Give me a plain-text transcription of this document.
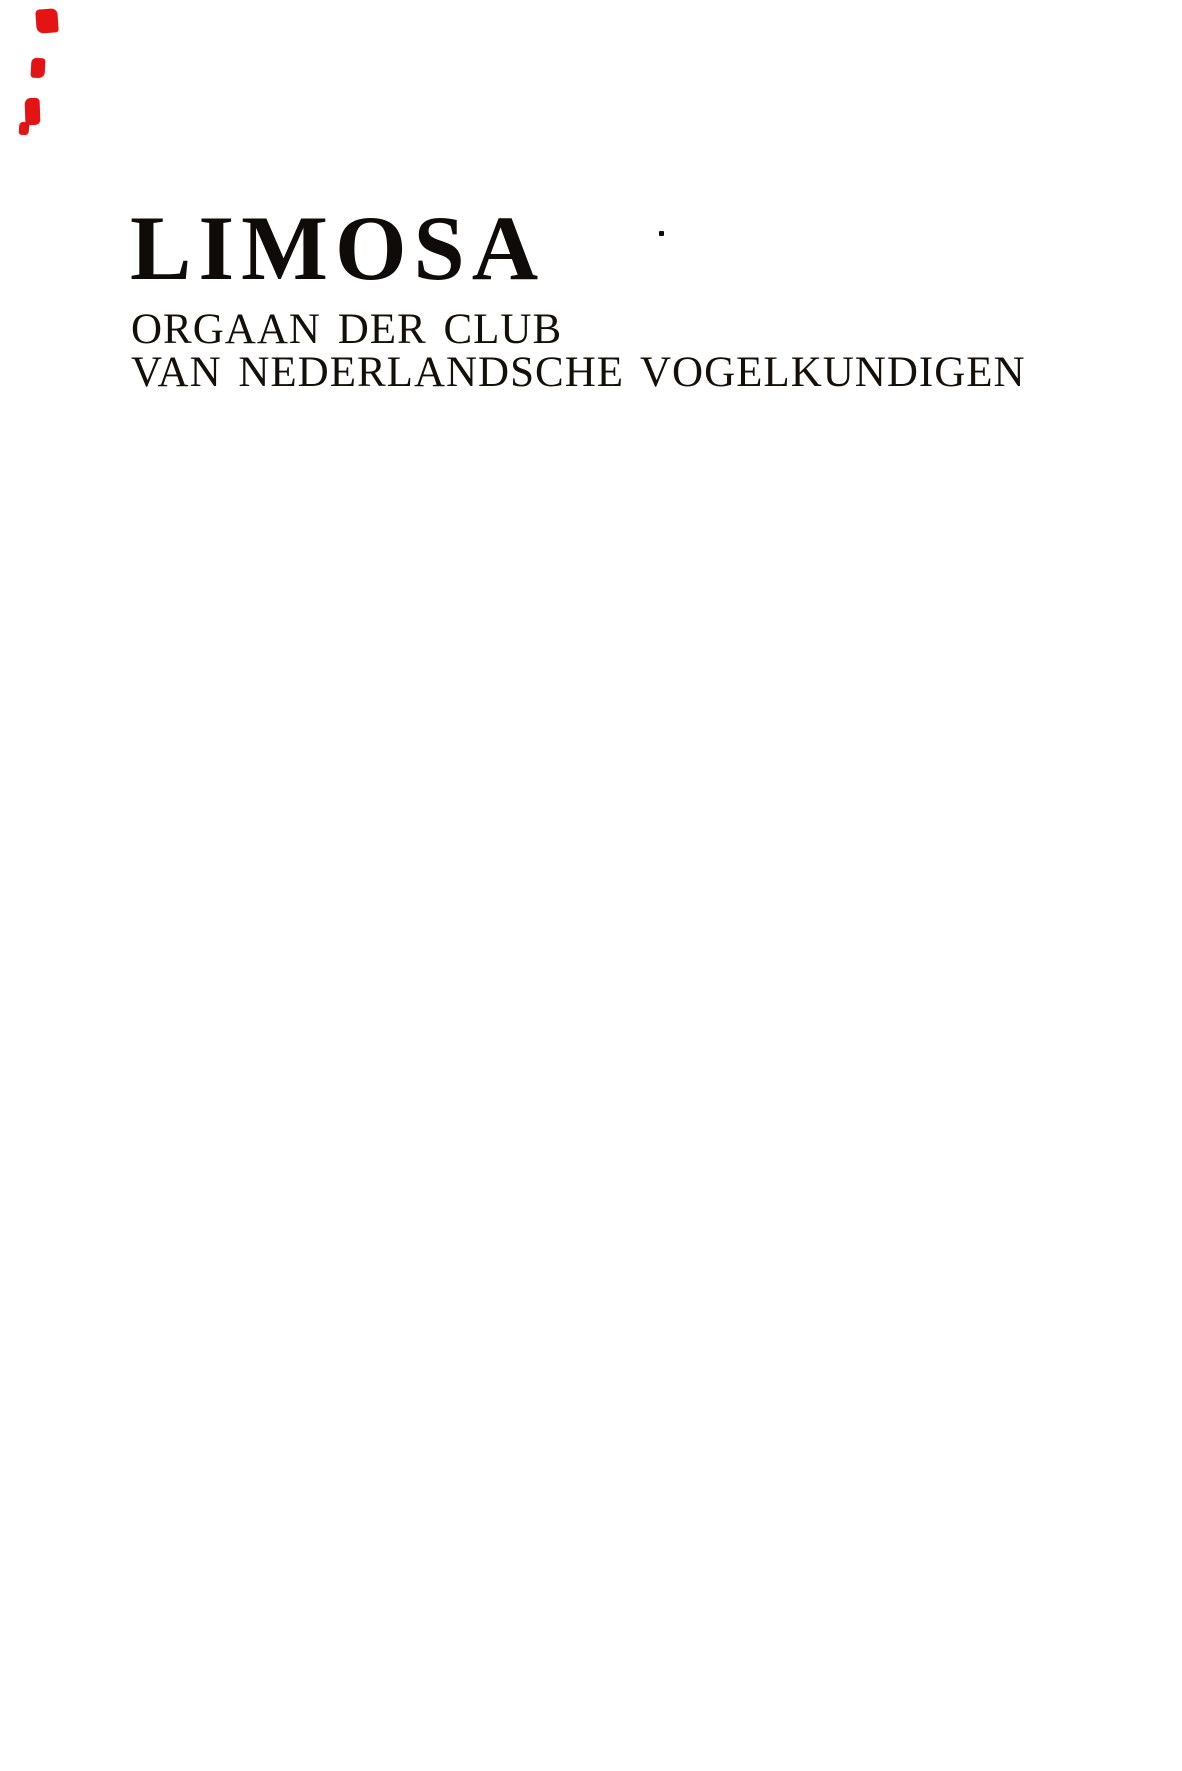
LIMOSA

ORGAAN DER CLUB

VAN NEDERLANDSCHE VOGELKUNDIGEN
